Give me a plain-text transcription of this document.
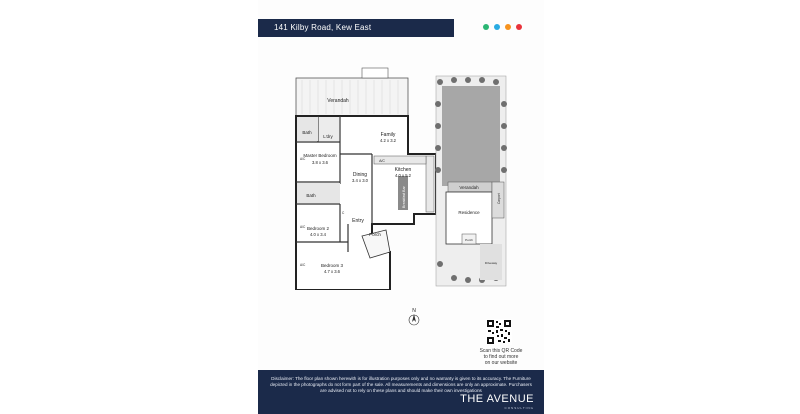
141 Kilby Road, Kew East
Verandah
Bath
L'dry	Family
4.2 x 3.2
Master Bedroom
3.8 x 3.6
Dining
3.4 x 3.0
Kitchen
4.0 x 5.2
Breakfast Bar
Bath
Entry
Bedroom 2
4.0 x 3.4	Porch
Bedroom 3
4.7 x 3.6
A/C
A/C
A/C
A/C
C
Verandah
Residence
Carport
Porch
Driveway
N
Scan this QR Code
to find out more
on our website
Disclaimer: The floor plan shown herewith is for illustration purposes only and no warranty is given to its accuracy. The Furniture depicted in the photographs do not form part of the sale. All measurements and dimensions are only an approximate. Purchasers are advised not to rely on these plans and should make their own investigations
THE AVENUE
CONSULTING
